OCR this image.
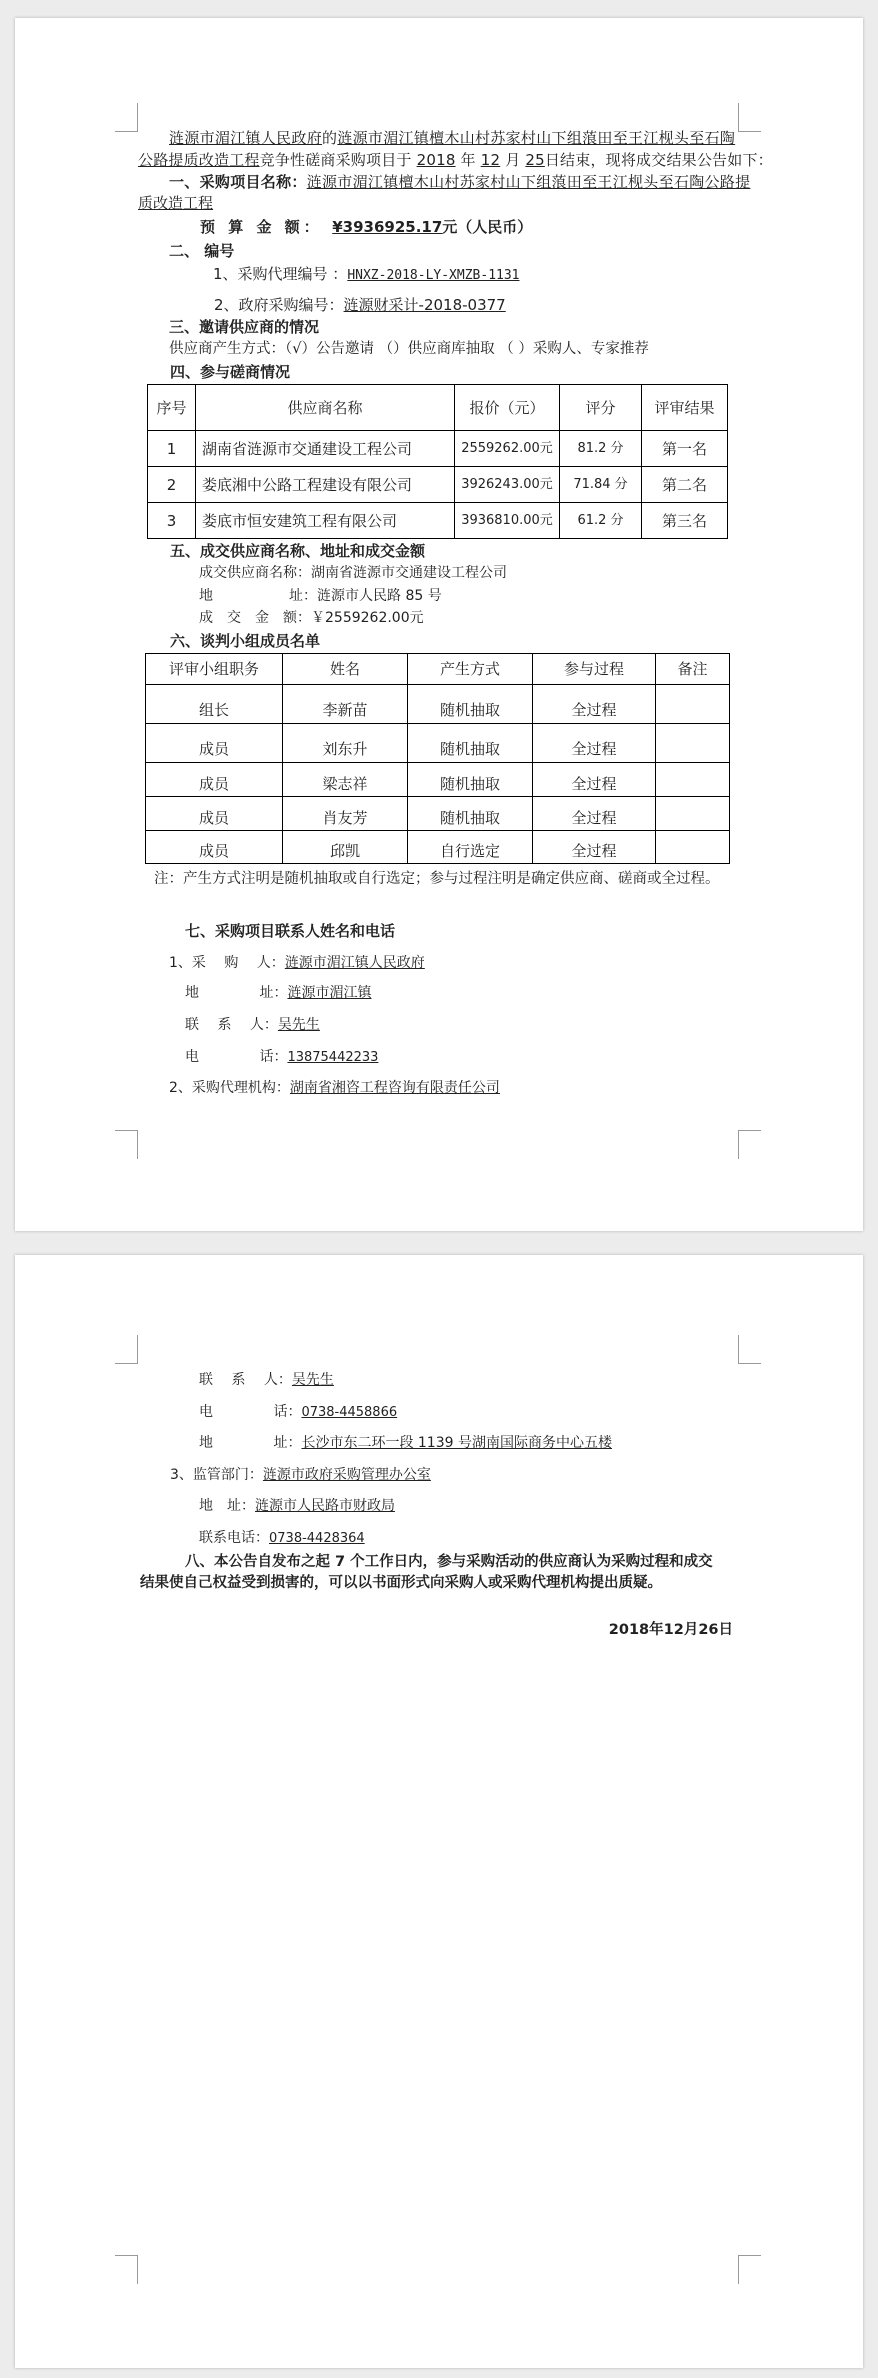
涟源市湄江镇人民政府的涟源市湄江镇檀木山村苏家村山下组蒗田至王江枧头至石陶
公路提质改造工程竞争性磋商采购项目于 2018 年 12 月 25日结束，现将成交结果公告如下：
一、采购项目名称：涟源市湄江镇檀木山村苏家村山下组蒗田至王江枧头至石陶公路提
质改造工程
预 算 金 额： ¥3936925.17元（人民币）
二、 编号
1、采购代理编号 ：HNXZ-2018-LY-XMZB-1131
2、政府采购编号：涟源财采计-2018-0377
三、邀请供应商的情况
供应商产生方式：（√）公告邀请 （）供应商库抽取 （ ）采购人、专家推荐
四、参与磋商情况
序号	供应商名称	报价（元）	评分	评审结果
1	湖南省涟源市交通建设工程公司	2559262.00元	81.2 分	第一名
2	娄底湘中公路工程建设有限公司	3926243.00元	71.84 分	第二名
3	娄底市恒安建筑工程有限公司	3936810.00元	61.2 分	第三名
五、成交供应商名称、地址和成交金额
成交供应商名称：湖南省涟源市交通建设工程公司
地	址：涟源市人民路 85 号
成　交　金　额：￥2559262.00元
六、谈判小组成员名单
评审小组职务	姓名	产生方式	参与过程	备注
组长	李新苗	随机抽取	全过程	
成员	刘东升	随机抽取	全过程	
成员	梁志祥	随机抽取	全过程	
成员	肖友芳	随机抽取	全过程	
成员	邱凯	自行选定	全过程	
注：产生方式注明是随机抽取或自行选定；参与过程注明是确定供应商、磋商或全过程。
七、采购项目联系人姓名和电话
1、采　 购　 人：涟源市湄江镇人民政府
地　　　　 址：涟源市湄江镇
联　 系　 人：吴先生
电　　　　 话：13875442233
2、采购代理机构：湖南省湘咨工程咨询有限责任公司
联　 系　 人：吴先生
电　　　　 话：0738-4458866
地　　　　 址：长沙市东二环一段 1139 号湖南国际商务中心五楼
3、监管部门：涟源市政府采购管理办公室
地　址：涟源市人民路市财政局
联系电话：0738-4428364
八、本公告自发布之起 7 个工作日内，参与采购活动的供应商认为采购过程和成交
结果使自己权益受到损害的，可以以书面形式向采购人或采购代理机构提出质疑。
2018年12月26日
